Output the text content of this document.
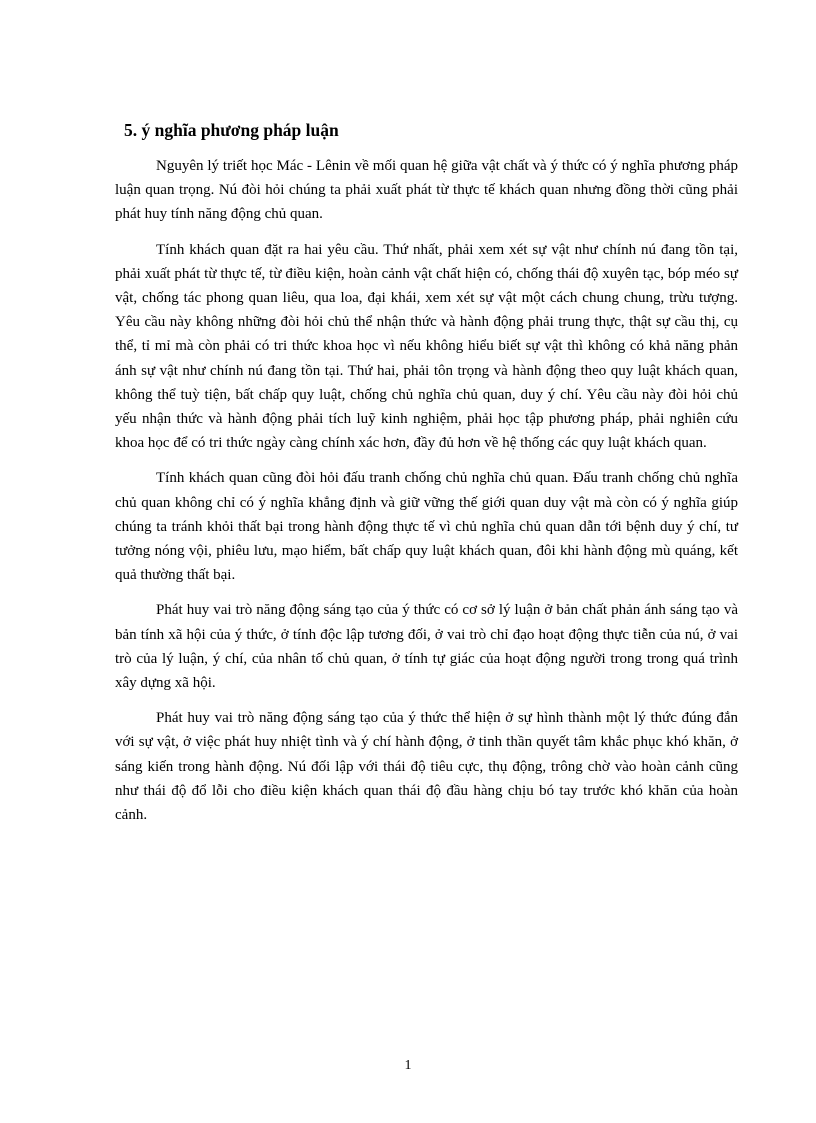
5. ý nghĩa phương pháp luận

Nguyên lý triết học Mác - Lênin về mối quan hệ giữa vật chất và ý thức có ý nghĩa phương pháp luận quan trọng. Nú đòi hỏi chúng ta phải xuất phát từ thực tế khách quan nhưng đồng thời cũng phải phát huy tính năng động chủ quan.

Tính khách quan đặt ra hai yêu cầu. Thứ nhất, phải xem xét sự vật như chính nú đang tồn tại, phải xuất phát từ thực tế, từ điều kiện, hoàn cảnh vật chất hiện có, chống thái độ xuyên tạc, bóp méo sự vật, chống tác phong quan liêu, qua loa, đại khái, xem xét sự vật một cách chung chung, trừu tượng. Yêu cầu này không những đòi hỏi chủ thể nhận thức và hành động phải trung thực, thật sự cầu thị, cụ thể, tỉ mỉ mà còn phải có tri thức khoa học vì nếu không hiểu biết sự vật thì không có khả năng phản ánh sự vật như chính nú đang tồn tại. Thứ hai, phải tôn trọng và hành động theo quy luật khách quan, không thể tuỳ tiện, bất chấp quy luật, chống chủ nghĩa chủ quan, duy ý chí. Yêu cầu này đòi hỏi chủ yếu nhận thức và hành động phải tích luỹ kinh nghiệm, phải học tập phương pháp, phải nghiên cứu khoa học để có tri thức ngày càng chính xác hơn, đầy đủ hơn về hệ thống các quy luật khách quan.

Tính khách quan cũng đòi hỏi đấu tranh chống chủ nghĩa chủ quan. Đấu tranh chống chủ nghĩa chủ quan không chỉ có ý nghĩa khẳng định và giữ vững thế giới quan duy vật mà còn có ý nghĩa giúp chúng ta tránh khỏi thất bại trong hành động thực tế vì chủ nghĩa chủ quan dẫn tới bệnh duy ý chí, tư tưởng nóng vội, phiêu lưu, mạo hiểm, bất chấp quy luật khách quan, đôi khi hành động mù quáng, kết quả thường thất bại.

Phát huy vai trò năng động sáng tạo của ý thức có cơ sở lý luận ở bản chất phản ánh sáng tạo và bản tính xã hội của ý thức, ở tính độc lập tương đối, ở vai trò chỉ đạo hoạt động thực tiễn của nú, ở vai trò của lý luận, ý chí, của nhân tố chủ quan, ở tính tự giác của hoạt động người trong trong quá trình xây dựng xã hội.

Phát huy vai trò năng động sáng tạo của ý thức thể hiện ở sự hình thành một lý thức đúng đắn với sự vật, ở việc phát huy nhiệt tình và ý chí hành động, ở tinh thần quyết tâm khắc phục khó khăn, ở sáng kiến trong hành động. Nú đối lập với thái độ tiêu cực, thụ động, trông chờ vào hoàn cảnh cũng như thái độ đổ lỗi cho điều kiện khách quan thái độ đầu hàng chịu bó tay trước khó khăn của hoàn cảnh.

1
